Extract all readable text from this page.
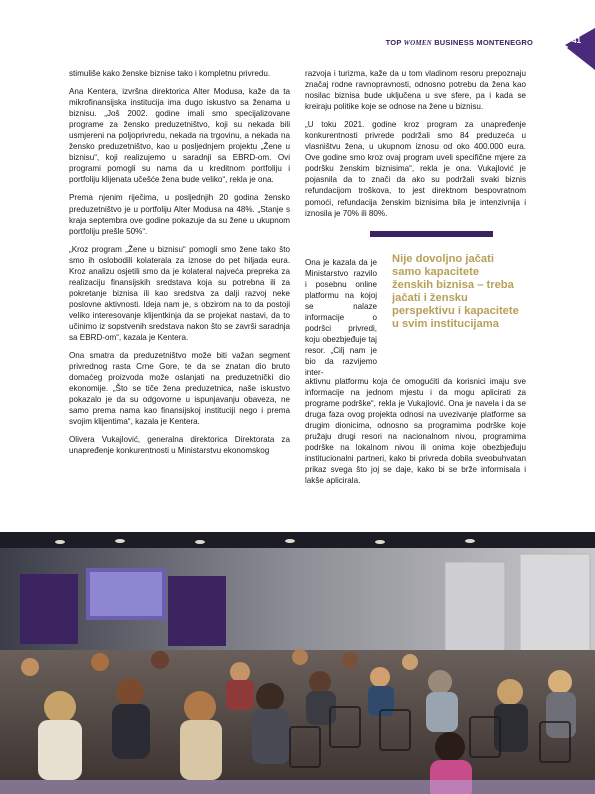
TOP WOMEN BUSINESS MONTENEGRO	41

stimuliše kako ženske biznise tako i kompletnu privredu.

Ana Kentera, izvršna direktorica Alter Modusa, kaže da ta mikrofinansijska institucija ima dugo iskustvo sa ženama u biznisu. „Još 2002. godine imali smo specijalizovane programe za žensko preduzetništvo, koji su nekada bili usmjereni na poljoprivredu, nekada na trgovinu, a nekada na žensko preduzetništvo, kao u posljednjem projektu „Žene u biznisu“, koji realizujemo u saradnji sa EBRD-om. Ovi programi pomogli su nama da u kreditnom portfoliju i portfoliju klijenata učešće žena bude veliko“, rekla je ona.

Prema njenim riječima, u posljednjih 20 godina žensko preduzetništvo je u portfoliju Alter Modusa na 48%. „Stanje s kraja septembra ove godine pokazuje da su žene u ukupnom portfoliju prešle 50%“.

„Kroz program „Žene u biznisu“ pomogli smo žene tako što smo ih oslobodili kolaterala za iznose do pet hiljada eura. Kroz analizu osjetili smo da je kolateral najveća prepreka za realizaciju finansijskih sredstava koja su potrebna ili za pokretanje biznisa ili kao sredstva za dalji razvoj neke poslovne aktivnosti. Ideja nam je, s obzirom na to da postoji veliko interesovanje klijentkinja da se projekat nastavi, da to učinimo iz sopstvenih sredstava nakon što se završi saradnja sa EBRD-om“, kazala je Kentera.

Ona smatra da preduzetništvo može biti važan segment privrednog rasta Crne Gore, te da se znatan dio bruto domaćeg proizvoda može oslanjati na preduzetnički dio ekonomije. „Što se tiče žena preduzetnica, naše iskustvo pokazalo je da su odgovorne u ispunjavanju obaveza, ne samo prema nama kao finansijskoj instituciji nego i prema svojim klijentima“, kazala je Kentera.

Olivera Vukajlović, generalna direktorica Direktorata za unapređenje konkurentnosti u Ministarstvu ekonomskog

razvoja i turizma, kaže da u tom vladinom resoru prepoznaju značaj rodne ravnopravnosti, odnosno potrebu da žena kao nosilac biznisa bude uključena u sve sfere, pa i kada se kreiraju politike koje se odnose na žene u biznisu.

„U toku 2021. godine kroz program za unapređenje konkurentnosti privrede podržali smo 84 preduzeća u vlasništvu žena, u ukupnom iznosu od oko 400.000 eura. Ove godine smo kroz ovaj program uveli specifične mjere za podršku ženskim biznisima“, rekla je ona. Vukajlović je pojasnila da to znači da ako su podržali svaki biznis refundacijom troškova, to jest direktnom bespovratnom pomoći, refundacija ženskim biznisima bila je intenzivnija i iznosila je 70% ili 80%.

Nije dovoljno jačati samo kapacitete ženskih biznisa – treba jačati i žensku perspektivu i kapacitete u svim institucijama

Ona je kazala da je Ministarstvo razvilo i posebnu online platformu na kojoj se nalaze informacije o podršci privredi, koju obezbjeđuje taj resor. „Cilj nam je bio da razvijemo inter-

aktivnu platformu koja će omogućiti da korisnici imaju sve informacije na jednom mjestu i da mogu aplicirati za programe podrške“, rekla je Vukajlović. Ona je navela i da se druga faza ovog projekta odnosi na uvezivanje platforme sa drugim dionicima, odnosno sa programima podrške koje pružaju drugi resori na nacionalnom nivou, programima podrške na lokalnom nivou ili onima koje obezbjeđuju institucionalni partneri, kako bi privreda dobila sveobuhvatan prikaz svega što joj se daje, kako bi se brže informisala i lakše aplicirala.
